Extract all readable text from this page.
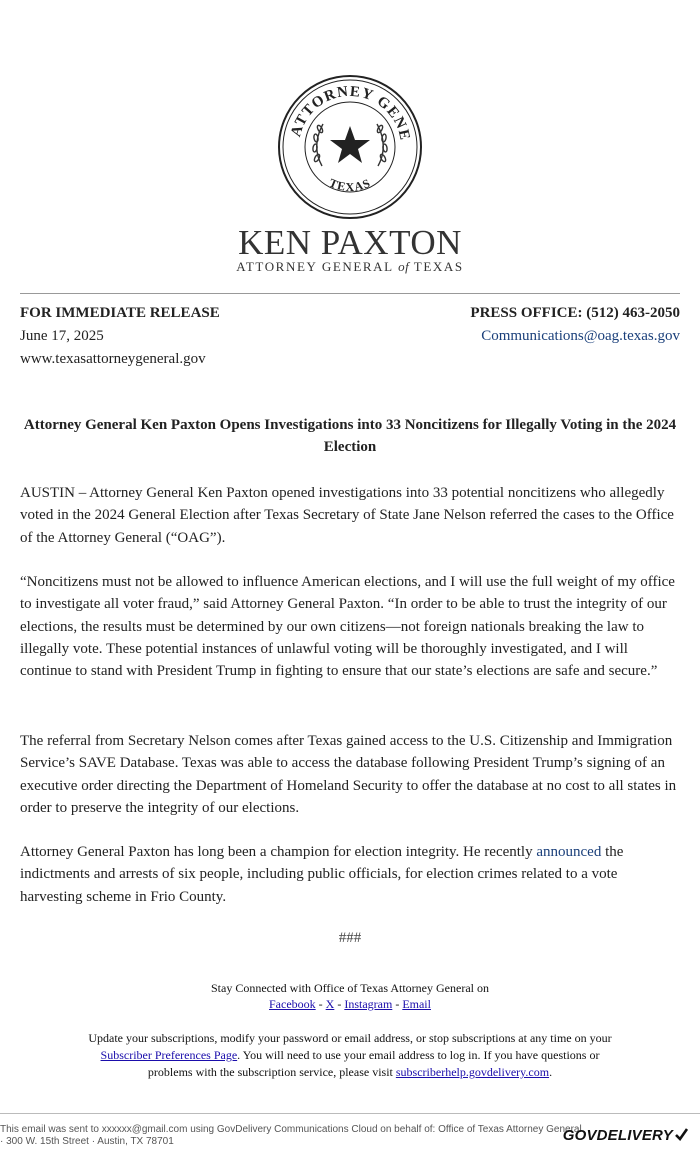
ATTORNEY GENE
TEXAS
KEN PAXTON
ATTORNEY GENERAL of TEXAS
FOR IMMEDIATE RELEASE	PRESS OFFICE: (512) 463-2050
June 17, 2025	Communications@oag.texas.gov
www.texasattorneygeneral.gov
Attorney General Ken Paxton Opens Investigations into 33 Noncitizens for Illegally Voting in the 2024 Election
AUSTIN – Attorney General Ken Paxton opened investigations into 33 potential noncitizens who allegedly voted in the 2024 General Election after Texas Secretary of State Jane Nelson referred the cases to the Office of the Attorney General (“OAG”).
“Noncitizens must not be allowed to influence American elections, and I will use the full weight of my office to investigate all voter fraud,” said Attorney General Paxton. “In order to be able to trust the integrity of our elections, the results must be determined by our own citizens—not foreign nationals breaking the law to illegally vote. These potential instances of unlawful voting will be thoroughly investigated, and I will continue to stand with President Trump in fighting to ensure that our state’s elections are safe and secure.”
The referral from Secretary Nelson comes after Texas gained access to the U.S. Citizenship and Immigration Service’s SAVE Database. Texas was able to access the database following President Trump’s signing of an executive order directing the Department of Homeland Security to offer the database at no cost to all states in order to preserve the integrity of our elections.
Attorney General Paxton has long been a champion for election integrity. He recently announced the indictments and arrests of six people, including public officials, for election crimes related to a vote harvesting scheme in Frio County.
###
Stay Connected with Office of Texas Attorney General on
Facebook - X - Instagram - Email
Update your subscriptions, modify your password or email address, or stop subscriptions at any time on your
Subscriber Preferences Page. You will need to use your email address to log in. If you have questions or
problems with the subscription service, please visit subscriberhelp.govdelivery.com.
This email was sent to xxxxxx@gmail.com using GovDelivery Communications Cloud on behalf of: Office of Texas Attorney General
· 300 W. 15th Street · Austin, TX 78701	GOVDELIVERY
